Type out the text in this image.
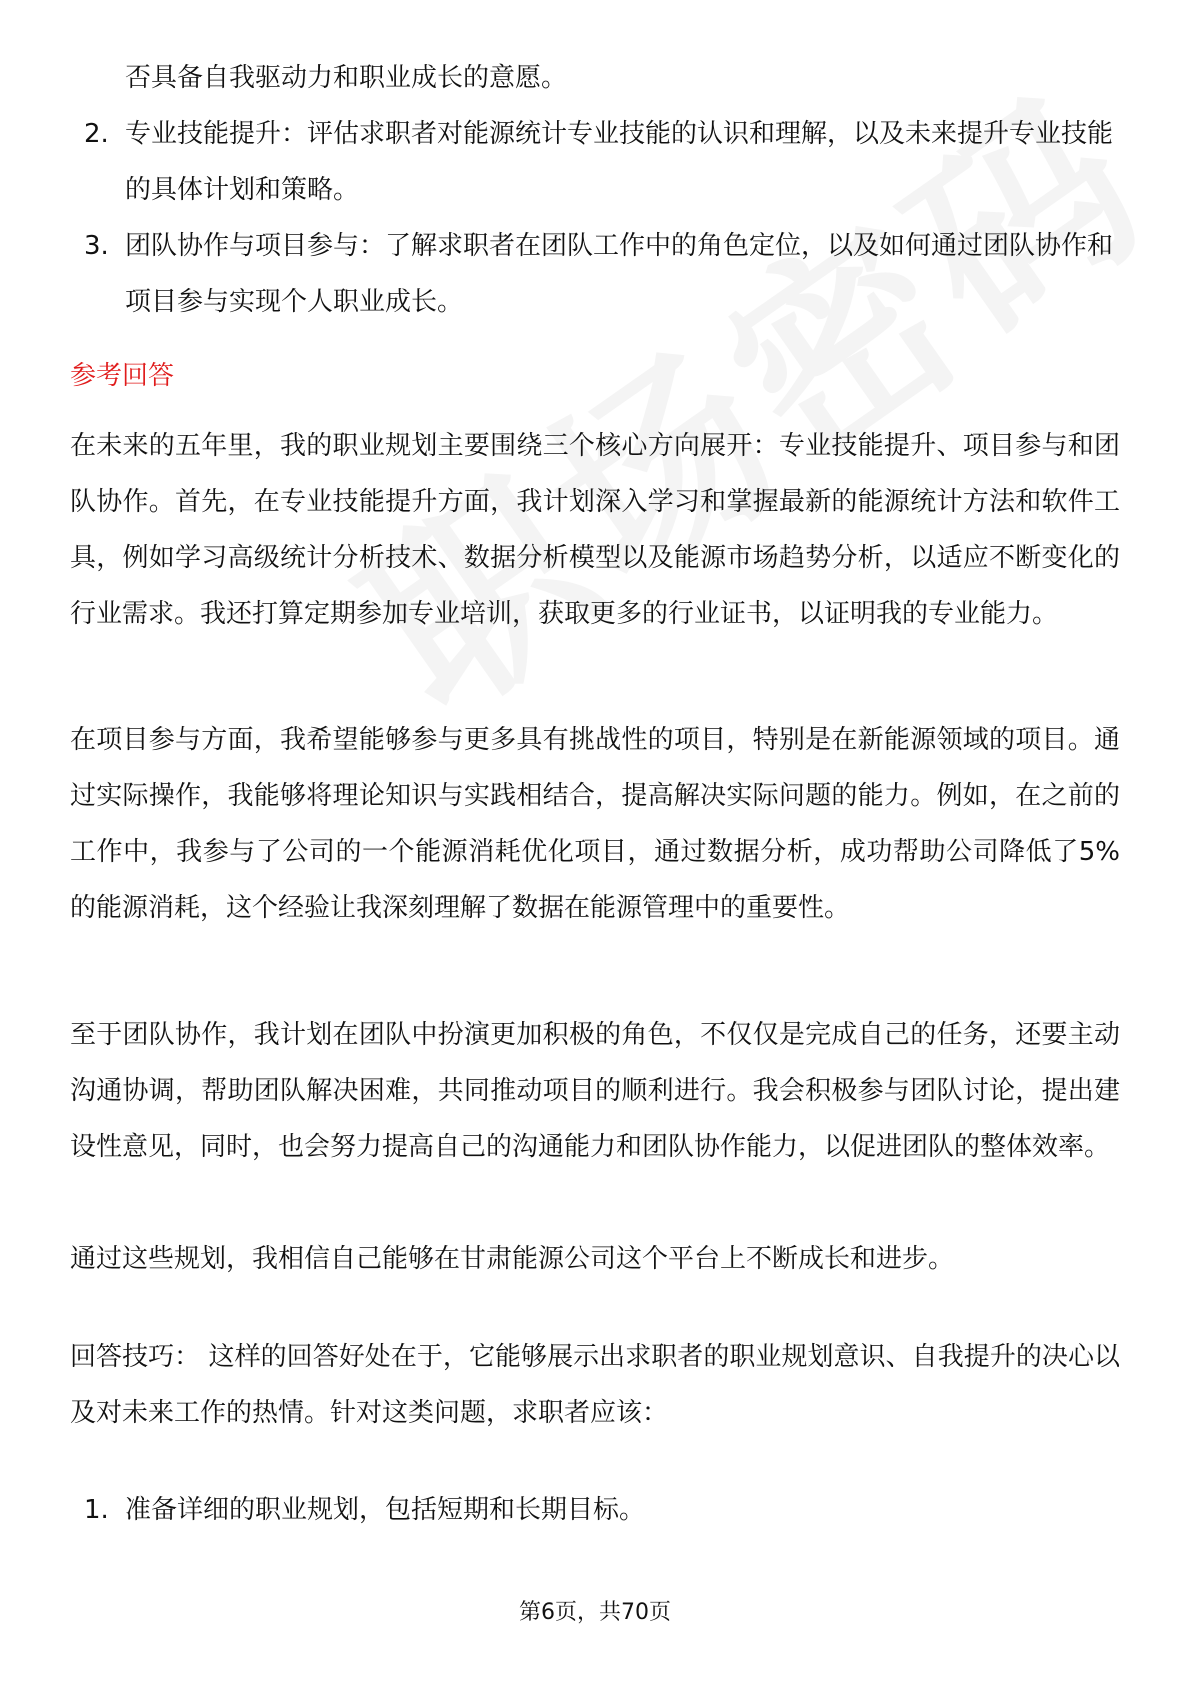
否具备自我驱动力和职业成长的意愿。

2. 专业技能提升：评估求职者对能源统计专业技能的认识和理解，以及未来提升专业技能的具体计划和策略。
3. 团队协作与项目参与：了解求职者在团队工作中的角色定位，以及如何通过团队协作和项目参与实现个人职业成长。
参考回答

在未来的五年里，我的职业规划主要围绕三个核心方向展开：专业技能提升、项目参与和团队协作。首先，在专业技能提升方面，我计划深入学习和掌握最新的能源统计方法和软件工具，例如学习高级统计分析技术、数据分析模型以及能源市场趋势分析，以适应不断变化的行业需求。我还打算定期参加专业培训，获取更多的行业证书，以证明我的专业能力。

在项目参与方面，我希望能够参与更多具有挑战性的项目，特别是在新能源领域的项目。通过实际操作，我能够将理论知识与实践相结合，提高解决实际问题的能力。例如，在之前的工作中，我参与了公司的一个能源消耗优化项目，通过数据分析，成功帮助公司降低了5%的能源消耗，这个经验让我深刻理解了数据在能源管理中的重要性。

至于团队协作，我计划在团队中扮演更加积极的角色，不仅仅是完成自己的任务，还要主动沟通协调，帮助团队解决困难，共同推动项目的顺利进行。我会积极参与团队讨论，提出建设性意见，同时，也会努力提高自己的沟通能力和团队协作能力，以促进团队的整体效率。

通过这些规划，我相信自己能够在甘肃能源公司这个平台上不断成长和进步。

回答技巧： 这样的回答好处在于，它能够展示出求职者的职业规划意识、自我提升的决心以及对未来工作的热情。针对这类问题，求职者应该：

1. 准备详细的职业规划，包括短期和长期目标。
第6页，共70页
